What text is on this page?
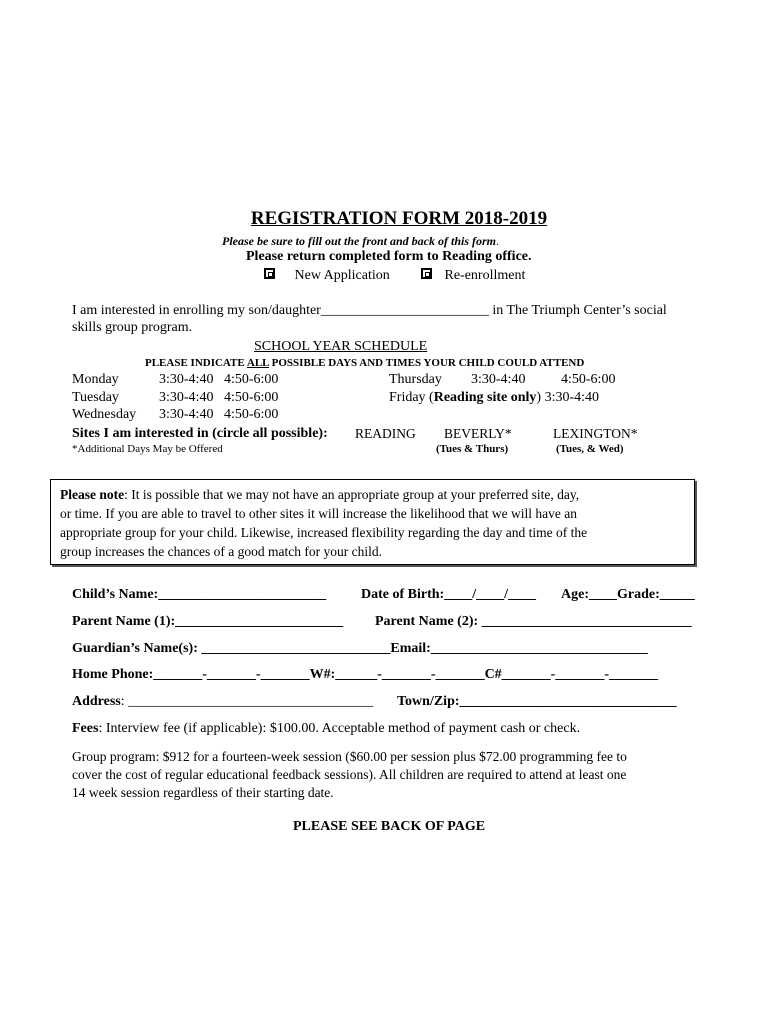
REGISTRATION FORM 2018-2019
Please be sure to fill out the front and back of this form.
Please return completed form to Reading office.
New Application	Re-enrollment
I am interested in enrolling my son/daughter________________________ in The Triumph Center’s social
skills group program.
SCHOOL YEAR SCHEDULE
PLEASE INDICATE ALL POSSIBLE DAYS AND TIMES YOUR CHILD COULD ATTEND
Monday	3:30-4:40   4:50-6:00
Tuesday	3:30-4:40   4:50-6:00
Wednesday 3:30-4:40   4:50-6:00
Thursday 3:30-4:40	4:50-6:00
Friday (Reading site only) 3:30-4:40
Sites I am interested in (circle all possible): READING BEVERLY*	LEXINGTON*
*Additional Days May be Offered	(Tues & Thurs)	(Tues, & Wed)
Please note: It is possible that we may not have an appropriate group at your preferred site, day,
or time. If you are able to travel to other sites it will increase the likelihood that we will have an
appropriate group for your child. Likewise, increased flexibility regarding the day and time of the
group increases the chances of a good match for your child.
Child’s Name:________________________ Date of Birth:____/____/____ Age:____Grade:_____
Parent Name (1):________________________ Parent Name (2): ______________________________
Guardian’s Name(s): ___________________________Email:_______________________________
Home Phone:_______-_______-_______W#:______-_______-_______C#_______-_______-_______
Address: ___________________________________ Town/Zip:_______________________________
Fees: Interview fee (if applicable): $100.00. Acceptable method of payment cash or check.
Group program: $912 for a fourteen-week session ($60.00 per session plus $72.00 programming fee to
cover the cost of regular educational feedback sessions). All children are required to attend at least one
14 week session regardless of their starting date.
PLEASE SEE BACK OF PAGE
